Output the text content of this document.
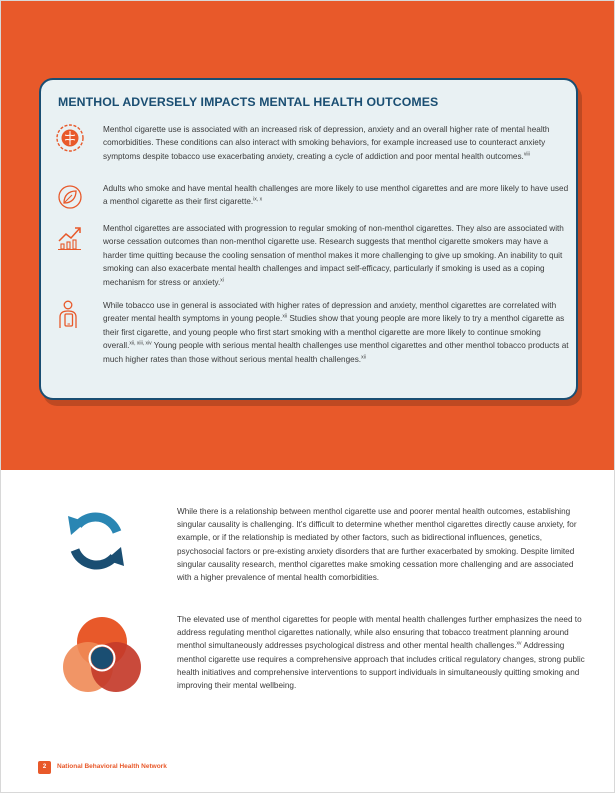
MENTHOL ADVERSELY IMPACTS MENTAL HEALTH OUTCOMES

Menthol cigarette use is associated with an increased risk of depression, anxiety and an overall higher rate of mental health comorbidities. These conditions can also interact with smoking behaviors, for example increased use to counteract anxiety symptoms despite tobacco use exacerbating anxiety, creating a cycle of addiction and poor mental health outcomes.$^{viii}$

Adults who smoke and have mental health challenges are more likely to use menthol cigarettes and are more likely to have used a menthol cigarette as their first cigarette.$^{ix, x}$

Menthol cigarettes are associated with progression to regular smoking of non-menthol cigarettes. They also are associated with worse cessation outcomes than non-menthol cigarette use. Research suggests that menthol cigarette smokers may have a harder time quitting because the cooling sensation of menthol makes it more challenging to give up smoking. An inability to quit smoking can also exacerbate mental health challenges and impact self-efficacy, particularly if smoking is used as a coping mechanism for stress or anxiety.$^{xi}$

While tobacco use in general is associated with higher rates of depression and anxiety, menthol cigarettes are correlated with greater mental health symptoms in young people.$^{xii}$ Studies show that young people are more likely to try a menthol cigarette as their first cigarette, and young people who first start smoking with a menthol cigarette are more likely to continue smoking overall.$^{xii, xiii, xiv}$ Young people with serious mental health challenges use menthol cigarettes and other menthol tobacco products at much higher rates than those without serious mental health challenges.$^{xii}$

While there is a relationship between menthol cigarette use and poorer mental health outcomes, establishing singular causality is challenging. It’s difficult to determine whether menthol cigarettes directly cause anxiety, for example, or if the relationship is mediated by other factors, such as bidirectional influences, genetics, psychosocial factors or pre-existing anxiety disorders that are further exacerbated by smoking. Despite limited singular causality research, menthol cigarettes make smoking cessation more challenging and are associated with a higher prevalence of mental health comorbidities.

The elevated use of menthol cigarettes for people with mental health challenges further emphasizes the need to address regulating menthol cigarettes nationally, while also ensuring that tobacco treatment planning around menthol simultaneously addresses psychological distress and other mental health challenges.$^{xv}$ Addressing menthol cigarette use requires a comprehensive approach that includes critical regulatory changes, strong public health initiatives and comprehensive interventions to support individuals in simultaneously quitting smoking and improving their mental wellbeing.

2	National Behavioral Health Network
